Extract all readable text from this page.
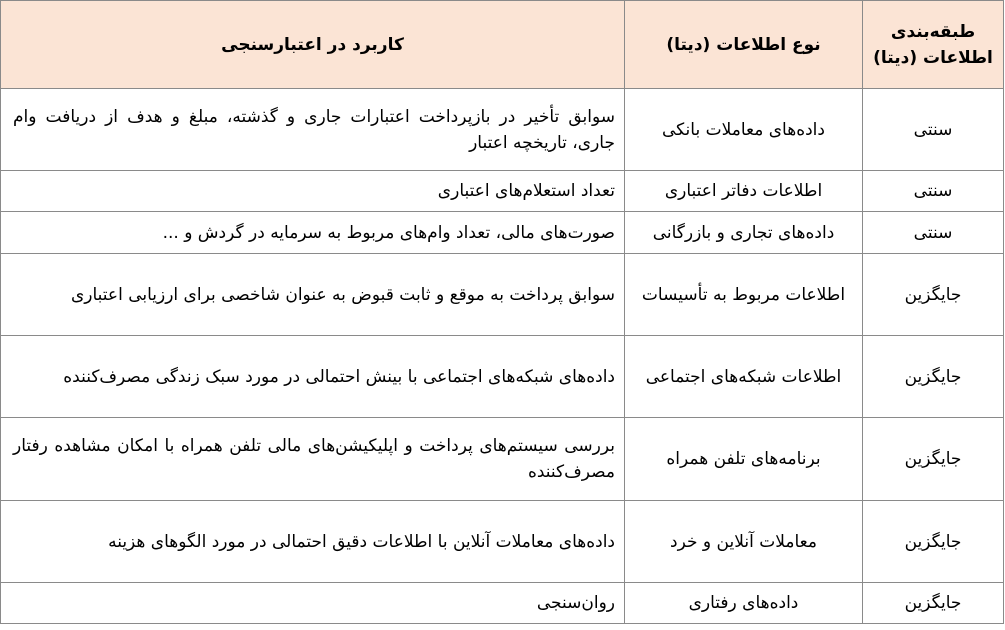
طبقه‌بندی اطلاعات (دیتا)	نوع اطلاعات (دیتا)	کاربرد در اعتبارسنجی
سنتی	داده‌های معاملات بانکی	سوابق تأخیر در بازپرداخت اعتبارات جاری و گذشته، مبلغ و هدف از دریافت وام جاری، تاریخچه اعتبار
سنتی	اطلاعات دفاتر اعتباری	تعداد استعلام‌های اعتباری
سنتی	داده‌های تجاری و بازرگانی	صورت‌های مالی، تعداد وام‌های مربوط به سرمایه در گردش و ...
جایگزین	اطلاعات مربوط به تأسیسات	سوابق پرداخت به موقع و ثابت قبوض به عنوان شاخصی برای ارزیابی اعتباری
جایگزین	اطلاعات شبکه‌های اجتماعی	داده‌های شبکه‌های اجتماعی با بینش احتمالی در مورد سبک زندگی مصرف‌کننده
جایگزین	برنامه‌های تلفن همراه	بررسی سیستم‌های پرداخت و اپلیکیشن‌های مالی تلفن همراه با امکان مشاهده رفتار مصرف‌کننده
جایگزین	معاملات آنلاین و خرد	داده‌های معاملات آنلاین با اطلاعات دقیق احتمالی در مورد الگوهای هزینه
جایگزین	داده‌های رفتاری	روان‌سنجی
